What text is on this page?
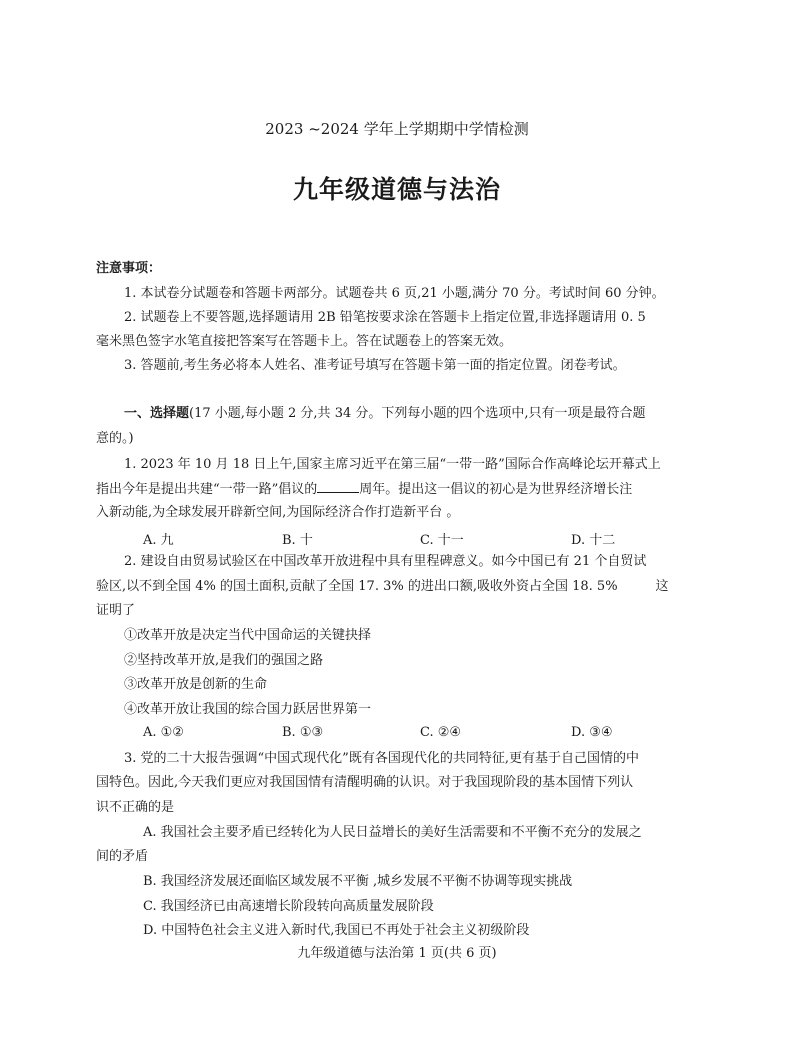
2023 ~2024 学年上学期期中学情检测
九年级道德与法治
注意事项：
1. 本试卷分试题卷和答题卡两部分。试题卷共 6 页,21 小题,满分 70 分。考试时间 60 分钟。
2. 试题卷上不要答题,选择题请用 2B 铅笔按要求涂在答题卡上指定位置,非选择题请用 0. 5
毫米黑色签字水笔直接把答案写在答题卡上。答在试题卷上的答案无效。
3. 答题前,考生务必将本人姓名、准考证号填写在答题卡第一面的指定位置。闭卷考试。
一、选择题(17 小题,每小题 2 分,共 34 分。下列每小题的四个选项中,只有一项是最符合题
意的。)
1. 2023 年 10 月 18 日上午,国家主席习近平在第三届“一带一路”国际合作高峰论坛开幕式上
指出今年是提出共建“一带一路”倡议的	周年。提出这一倡议的初心是为世界经济增长注
入新动能,为全球发展开辟新空间,为国际经济合作打造新平台 。
A. 九	B. 十	C. 十一	D. 十二
2. 建设自由贸易试验区在中国改革开放进程中具有里程碑意义。如今中国已有 21 个自贸试
验区,以不到全国 4% 的国土面积,贡献了全国 17. 3% 的进出口额,吸收外资占全国 18. 5%	这
证明了
①改革开放是决定当代中国命运的关键抉择
②坚持改革开放,是我们的强国之路
③改革开放是创新的生命
④改革开放让我国的综合国力跃居世界第一
A. ①②	B. ①③	C. ②④	D. ③④
3. 党的二十大报告强调“中国式现代化”既有各国现代化的共同特征,更有基于自己国情的中
国特色。因此,今天我们更应对我国国情有清醒明确的认识。对于我国现阶段的基本国情下列认
识不正确的是
A. 我国社会主要矛盾已经转化为人民日益增长的美好生活需要和不平衡不充分的发展之
间的矛盾
B. 我国经济发展还面临区域发展不平衡 ,城乡发展不平衡不协调等现实挑战
C. 我国经济已由高速增长阶段转向高质量发展阶段
D. 中国特色社会主义进入新时代,我国已不再处于社会主义初级阶段
九年级道德与法治第 1 页(共 6 页)
